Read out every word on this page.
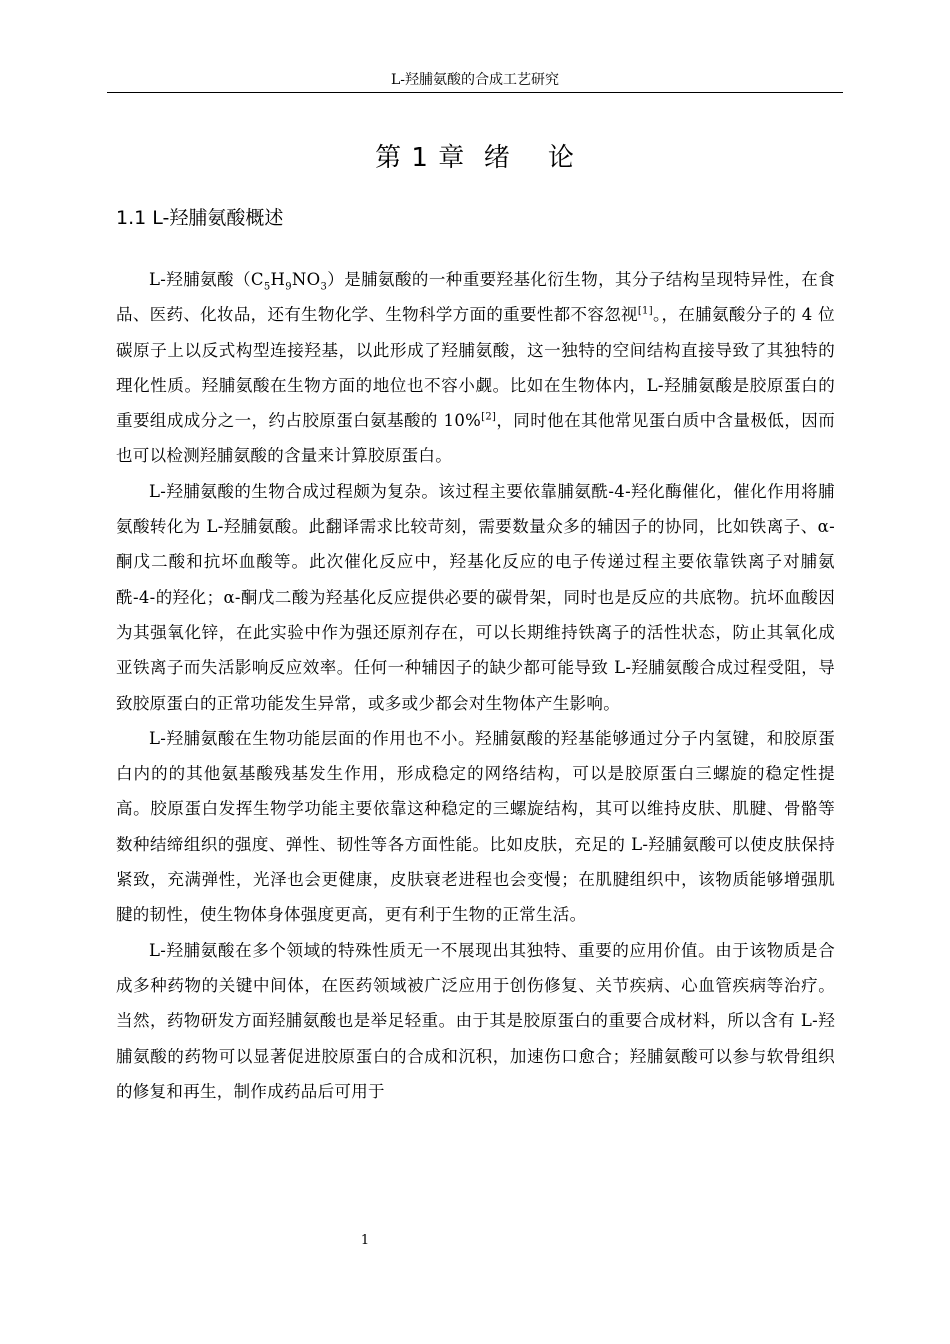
L-羟脯氨酸的合成工艺研究
第 1 章  绪    论
1.1 L-羟脯氨酸概述

L-羟脯氨酸$(C_5H_9NO_3)$是脯氨酸的一种重要羟基化衍生物，其分子结构呈现特异性，在食品、医药、化妆品，还有生物化学、生物科学方面的重要性都不容忽视[1]。，在脯氨酸分子的 4 位碳原子上以反式构型连接羟基，以此形成了羟脯氨酸，这一独特的空间结构直接导致了其独特的理化性质。羟脯氨酸在生物方面的地位也不容小觑。比如在生物体内，L-羟脯氨酸是胶原蛋白的重要组成成分之一，约占胶原蛋白氨基酸的 10%[2]，同时他在其他常见蛋白质中含量极低，因而也可以检测羟脯氨酸的含量来计算胶原蛋白。

L-羟脯氨酸的生物合成过程颇为复杂。该过程主要依靠脯氨酰-4-羟化酶催化，催化作用将脯氨酸转化为 L-羟脯氨酸。此翻译需求比较苛刻，需要数量众多的辅因子的协同，比如铁离子、α-酮戊二酸和抗坏血酸等。此次催化反应中，羟基化反应的电子传递过程主要依靠铁离子对脯氨酰-4-的羟化；α-酮戊二酸为羟基化反应提供必要的碳骨架，同时也是反应的共底物。抗坏血酸因为其强氧化锌，在此实验中作为强还原剂存在，可以长期维持铁离子的活性状态，防止其氧化成亚铁离子而失活影响反应效率。任何一种辅因子的缺少都可能导致 L-羟脯氨酸合成过程受阻，导致胶原蛋白的正常功能发生异常，或多或少都会对生物体产生影响。

L-羟脯氨酸在生物功能层面的作用也不小。羟脯氨酸的羟基能够通过分子内氢键，和胶原蛋白内的的其他氨基酸残基发生作用，形成稳定的网络结构，可以是胶原蛋白三螺旋的稳定性提高。胶原蛋白发挥生物学功能主要依靠这种稳定的三螺旋结构，其可以维持皮肤、肌腱、骨骼等数种结缔组织的强度、弹性、韧性等各方面性能。比如皮肤，充足的 L-羟脯氨酸可以使皮肤保持紧致，充满弹性，光泽也会更健康，皮肤衰老进程也会变慢；在肌腱组织中，该物质能够增强肌腱的韧性，使生物体身体强度更高，更有利于生物的正常生活。

L-羟脯氨酸在多个领域的特殊性质无一不展现出其独特、重要的应用价值。由于该物质是合成多种药物的关键中间体，在医药领域被广泛应用于创伤修复、关节疾病、心血管疾病等治疗。当然，药物研发方面羟脯氨酸也是举足轻重。由于其是胶原蛋白的重要合成材料，所以含有 L-羟脯氨酸的药物可以显著促进胶原蛋白的合成和沉积，加速伤口愈合；羟脯氨酸可以参与软骨组织的修复和再生，制作成药品后可用于

1
